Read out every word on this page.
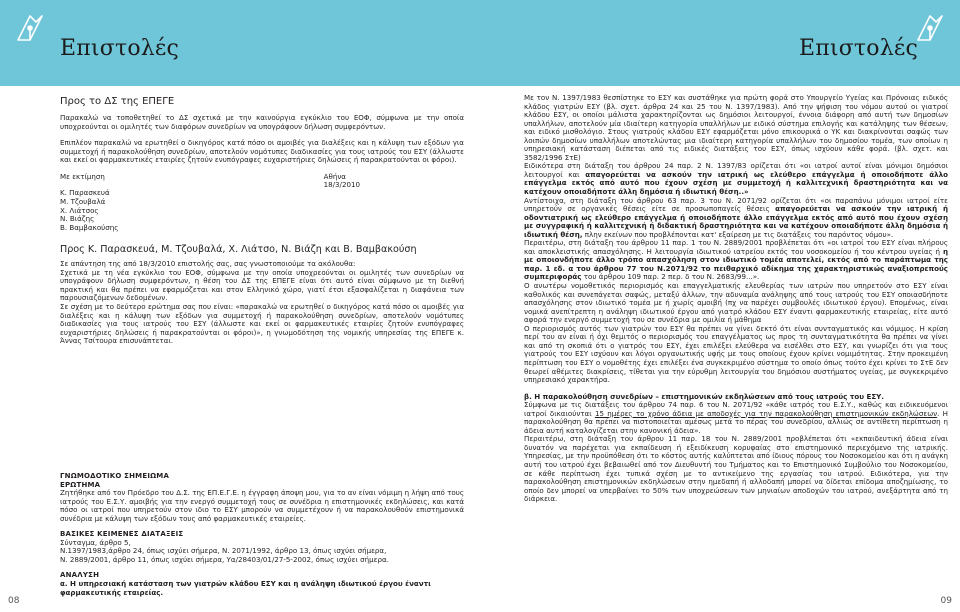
Επιστολές
Προς το ΔΣ της ΕΠΕΓΕ

Παρακαλώ να τοποθετηθεί το ΔΣ σχετικά με την καινούργια εγκύκλιο του ΕΟΦ, σύμφωνα με την οποία υποχρεούνται οι ομιλητές των διαφόρων συνεδρίων να υπογράφουν δήλωση συμφερόντων.

Επιπλέον παρακαλώ να ερωτηθεί ο δικηγόρος κατά πόσο οι αμοιβές για διαλέξεις και η κάλυψη των εξόδων για συμμετοχή ή παρακολούθηση συνεδρίων, αποτελούν νομότυπες διαδικασίες για τους ιατρούς του ΕΣΥ (άλλωστε και εκεί οι φαρμακευτικές εταιρίες ζητούν ενυπόγραφες ευχαριστήριες δηλώσεις ή παρακρατούνται οι φόροι).

Με εκτίμηση
Κ. Παρασκευά
Μ. Τζουβαλά
Χ. Λιάτσος
Ν. Βιάζης
Β. Βαμβακούσης
Αθήνα
18/3/2010
Προς Κ. Παρασκευά, Μ. Τζουβαλά, Χ. Λιάτσο, Ν. Βιάζη και Β. Βαμβακούση

Σε απάντηση της από 18/3/2010 επιστολής σας, σας γνωστοποιούμε τα ακόλουθα:

Σχετικά με τη νέα εγκύκλιο του ΕΟΦ, σύμφωνα με την οποία υποχρεούνται οι ομιλητές των συνεδρίων να υπογράφουν δήλωση συμφερόντων, η θέση του ΔΣ της ΕΠΕΓΕ είναι ότι αυτό είναι σύμφωνο με τη διεθνή πρακτική και θα πρέπει να εφαρμόζεται και στον Ελληνικό χώρο, γιατί έτσι εξασφαλίζεται η διαφάνεια των παρουσιαζόμενων δεδομένων.

Σε σχέση με το δεύτερο ερώτημα σας που είναι: «παρακαλώ να ερωτηθεί ο δικηγόρος κατά πόσο οι αμοιβές για διαλέξεις και η κάλυψη των εξόδων για συμμετοχή ή παρακολούθηση συνεδρίων, αποτελούν νομότυπες διαδικασίες για τους ιατρούς του ΕΣΥ (άλλωστε και εκεί οι φαρμακευτικές εταιρίες ζητούν ενυπόγραφες ευχαριστήριες δηλώσεις ή παρακρατούνται οι φόροι)», η γνωμοδότηση της νομικής υπηρεσίας της ΕΠΕΓΕ κ. Άννας Τσίτουρα επισυνάπτεται.

ΓΝΩΜΟΔΟΤΙΚΟ ΣΗΜΕΙΩΜΑ
ΕΡΩΤΗΜΑ

Ζητήθηκε από τον Πρόεδρο του Δ.Σ. της ΕΠ.Ε.Γ.Ε. η έγγραφη άποψη μου, για το αν είναι νόμιμη η λήψη από τους ιατρούς του Ε.Σ.Υ. αμοιβής για την ενεργό συμμετοχή τους σε συνέδρια η επιστημονικές εκδηλώσεις, και κατά πόσο οι ιατροί που υπηρετούν στον ιδιο το ΕΣΥ μπορούν να συμμετέχουν ή να παρακολουθούν επιστημονικά συνέδρια με κάλυψη των εξόδων τους από φαρμακευτικές εταιρείες.

ΒΑΣΙΚΕΣ ΚΕΙΜΕΝΕΣ ΔΙΑΤΑΞΕΙΣ
Σύνταγμα, άρθρο 5,
Ν.1397/1983,άρθρο 24, όπως ισχύει σήμερα, Ν. 2071/1992, άρθρο 13, όπως ισχύει σήμερα,
Ν. 2889/2001, άρθρο 11, όπως ισχύει σήμερα, Υα/28403/01/27-5-2002, όπως ισχύει σήμερα.
ΑΝΑΛΥΣΗ
α. Η υπηρεσιακή κατάσταση των γιατρών κλάδου ΕΣΥ και η ανάληψη ιδιωτικού έργου έναντι φαρμακευτικής εταιρείας.
08
Επιστολές
09

Με τον Ν. 1397/1983 θεσπίστηκε το ΕΣΥ και συστάθηκε για πρώτη φορά στο Υπουργείο Υγείας και Πρόνοιας ειδικός κλάδος γιατρών ΕΣΥ (βλ. σχετ. άρθρα 24 και 25 του Ν. 1397/1983). Από την ψήφιση του νόμου αυτού οι γιατροί κλάδου ΕΣΥ, οι οποίοι μάλιστα χαρακτηρίζονται ως δημόσιοι λειτουργοί, έννοια διάφορη από αυτή των δημοσίων υπαλλήλων, αποτελούν μία ιδιαίτερη κατηγορία υπαλλήλων με ειδικό σύστημα επιλογής και κατάληψης των θέσεων, και ειδικό μισθολόγιο. Στους γιατρούς κλάδου ΕΣΥ εφαρμόζεται μόνο επικουρικά ο ΥΚ και διακρίνονται σαφώς των λοιπών δημοσίων υπαλλήλων αποτελώντας μια ιδιαίτερη κατηγορία υπαλλήλων του δημοσίου τομέα, των οποίων η υπηρεσιακή κατάσταση διέπεται από τις ειδικές διατάξεις του ΕΣΥ, όπως ισχύουν κάθε φορά. (βλ. σχετ. και 3582/1996 ΣτΕ)

Ειδικότερα στη διάταξη του άρθρου 24 παρ. 2 Ν. 1397/83 ορίζεται ότι «οι ιατροί αυτοί είναι μόνιμοι δημόσιοι λειτουργοί και απαγορεύεται να ασκούν την ιατρική ως ελεύθερο επάγγελμα ή οποιοδήποτε άλλο επάγγελμα εκτός από αυτό που έχουν σχέση με συμμετοχή ή καλλιτεχνική δραστηριότητα και να κατέχουν οποιαδήποτε άλλη δημόσια ή ιδιωτική θέση..»

Αντίστοιχα, στη διάταξη του άρθρου 63 παρ. 3 του Ν. 2071/92 ορίζεται ότι «οι παραπάνω μόνιμοι ιατροί είτε υπηρετούν σε οργανικές θέσεις είτε σε προσωποπαγείς θέσεις απαγορεύεται να ασκούν την ιατρική ή οδοντιατρική ως ελεύθερο επάγγελμα ή οποιοδήποτε άλλο επάγγελμα εκτός από αυτό που έχουν σχέση με συγγραφική ή καλλιτεχνική ή διδακτική δραστηριότητα και να κατέχουν οποιαδήποτε άλλη δημόσια ή ιδιωτική θέση, πλην εκείνων που προβλέπονται κατ' εξαίρεση με τις διατάξεις του παρόντος νόμου».

Περαιτέρω, στη διάταξη του άρθρου 11 παρ. 1 του Ν. 2889/2001 προβλέπεται ότι «οι ιατροί του ΕΣΥ είναι πλήρους και αποκλειστικής απασχόλησης. Η λειτουργία ιδιωτικού ιατρείου εκτός του νοσοκομείου ή του κέντρου υγείας ή η με οποιονδήποτε άλλο τρόπο απασχόληση στον ιδιωτικό τομέα αποτελεί, εκτός από το παράπτωμα της παρ. 1 εδ. α του άρθρου 77 του Ν.2071/92 το πειθαρχικό αδίκημα της χαρακτηριστικώς αναξιοπρεπούς συμπεριφοράς του άρθρου 109 παρ. 2 περ. δ του Ν. 2683/99...».

Ο ανωτέρω νομοθετικός περιορισμός και επαγγελματικής ελευθερίας των ιατρών που υπηρετούν στο ΕΣΥ είναι καθολικός και συνεπάγεται σαφώς, μεταξύ άλλων, την αδυναμία ανάληψης από τους ιατρούς του ΕΣΥ οποιασδήποτε απασχόλησης στον ιδιωτικό τομέα με ή χωρίς αμοιβή (πχ να παρέχει συμβουλές ιδιωτικού έργου). Επομένως, είναι νομικά ανεπίτρεπτη η ανάληψη ιδιωτικού έργου από γιατρό κλάδου ΕΣΥ έναντι φαρμακευτικής εταιρείας, είτε αυτό αφορά την ενεργό συμμετοχή του σε συνέδρια με ομιλία ή μάθημα

Ο περιορισμός αυτός των γιατρών του ΕΣΥ θα πρέπει να γίνει δεκτό ότι είναι συνταγματικός και νόμιμος. Η κρίση περί του αν είναι ή όχι θεμιτός ο περιορισμός του επαγγέλματος ως προς τη συνταγματικότητα θα πρέπει να γίνει και από τη σκοπιά ότι ο γιατρός του ΕΣΥ, έχει επιλέξει ελεύθερα να εισέλθει στο ΕΣΥ, και γνωρίζει ότι για τους γιατρούς του ΕΣΥ ισχύουν και λόγοι οργανωτικής υφής με τους οποίους έχουν κρίνει νομιμότητας. Στην προκειμένη περίπτωση του ΕΣΥ ο νομοθέτης έχει επιλέξει ένα συγκεκριμένο σύστημα το οποίο όπως τούτο έχει κρίνει το ΣτΕ δεν θεωρεί αθέμιτες διακρίσεις, τίθεται για την εύρυθμη λειτουργία του δημόσιου συστήματος υγείας, με συγκεκριμένο υπηρεσιακό χαρακτήρα.

β. Η παρακολούθηση συνεδρίων – επιστημονικών εκδηλώσεων από τους ιατρούς του ΕΣΥ.

Σύμφωνα με τις διατάξεις του άρθρου 74 παρ. 6 του Ν. 2071/92 «κάθε ιατρός του Ε.Σ.Υ., καθώς και ειδικευόμενοι ιατροί δικαιούνται 15 ημέρες το χρόνο άδεια με αποδοχές για την παρακολούθηση επιστημονικών εκδηλώσεων. Η παρακολούθηση θα πρέπει να πιστοποιείται αμέσως μετά το πέρας του συνεδρίου, αλλιώς σε αντίθετη περίπτωση η άδεια αυτή καταλογίζεται στην κανονική άδεια».

Περαιτέρω, στη διάταξη του άρθρου 11 παρ. 18 του Ν. 2889/2001 προβλέπεται ότι «εκπαιδευτική άδεια είναι δυνατόν να παρέχεται για εκπαίδευση ή εξειδίκευση κορυφαίας στο επιστημονικό περιεχόμενο της ιατρικής. Υπηρεσίας, με την προϋπόθεση ότι το κόστος αυτής καλύπτεται από ίδιους πόρους του Νοσοκομείου και ότι η ανάγκη αυτή του ιατρού έχει βεβαιωθεί από τον Διευθυντή του Τμήματος και το Επιστημονικό Συμβούλιο του Νοσοκομείου, σε κάθε περίπτωση έχει τυπικά σχέση με το αντικείμενο της εργασίας του ιατρού. Ειδικότερα, για την παρακολούθηση επιστημονικών εκδηλώσεων στην ημεδαπή ή αλλοδαπή μπορεί να δίδεται επίδομα αποζημίωσης, το οποίο δεν μπορεί να υπερβαίνει το 50% των υποχρεώσεων των μηνιαίων αποδοχών του ιατρού, ανεξάρτητα από τη διάρκεια.
